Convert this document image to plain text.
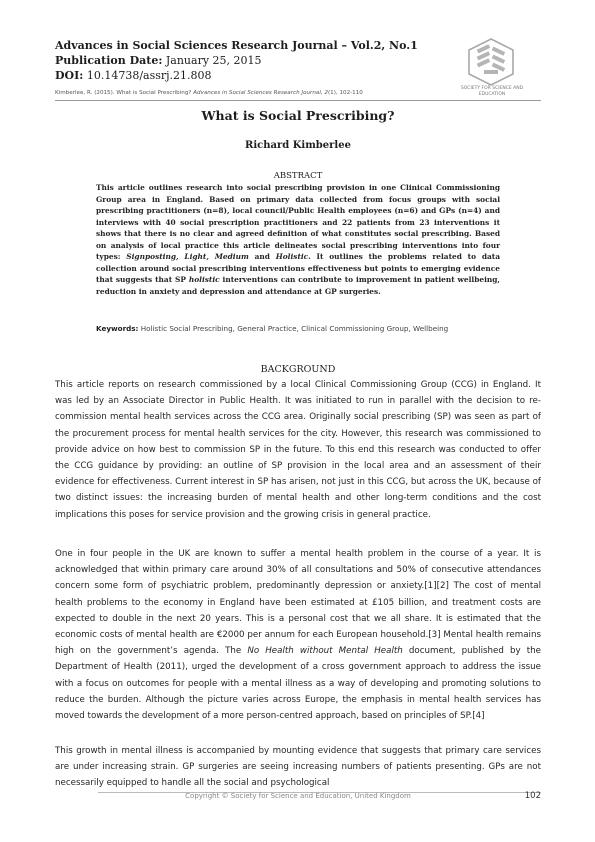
Advances in Social Sciences Research Journal – Vol.2, No.1
Publication Date: January 25, 2015
DOI: 10.14738/assrj.21.808
SOCIETY FOR SCIENCE AND EDUCATION
Kimberlee, R. (2015). What is Social Prescribing? Advances in Social Sciences Research Journal, 2(1), 102-110
What is Social Prescribing?
Richard Kimberlee
ABSTRACT
This article outlines research into social prescribing provision in one Clinical Commissioning Group area in England. Based on primary data collected from focus groups with social prescribing practitioners (n=8), local council/Public Health employees (n=6) and GPs (n=4) and interviews with 40 social prescription practitioners and 22 patients from 23 interventions it shows that there is no clear and agreed definition of what constitutes social prescribing. Based on analysis of local practice this article delineates social prescribing interventions into four types: Signposting, Light, Medium and Holistic. It outlines the problems related to data collection around social prescribing interventions effectiveness but points to emerging evidence that suggests that SP holistic interventions can contribute to improvement in patient wellbeing, reduction in anxiety and depression and attendance at GP surgeries.
Keywords: Holistic Social Prescribing, General Practice, Clinical Commissioning Group, Wellbeing
BACKGROUND
This article reports on research commissioned by a local Clinical Commissioning Group (CCG) in England. It was led by an Associate Director in Public Health. It was initiated to run in parallel with the decision to re-commission mental health services across the CCG area. Originally social prescribing (SP) was seen as part of the procurement process for mental health services for the city. However, this research was commissioned to provide advice on how best to commission SP in the future. To this end this research was conducted to offer the CCG guidance by providing: an outline of SP provision in the local area and an assessment of their evidence for effectiveness. Current interest in SP has arisen, not just in this CCG, but across the UK, because of two distinct issues: the increasing burden of mental health and other long-term conditions and the cost implications this poses for service provision and the growing crisis in general practice.
One in four people in the UK are known to suffer a mental health problem in the course of a year. It is acknowledged that within primary care around 30% of all consultations and 50% of consecutive attendances concern some form of psychiatric problem, predominantly depression or anxiety.[1][2] The cost of mental health problems to the economy in England have been estimated at £105 billion, and treatment costs are expected to double in the next 20 years. This is a personal cost that we all share. It is estimated that the economic costs of mental health are €2000 per annum for each European household.[3] Mental health remains high on the government’s agenda. The No Health without Mental Health document, published by the Department of Health (2011), urged the development of a cross government approach to address the issue with a focus on outcomes for people with a mental illness as a way of developing and promoting solutions to reduce the burden. Although the picture varies across Europe, the emphasis in mental health services has moved towards the development of a more person-centred approach, based on principles of SP.[4]
This growth in mental illness is accompanied by mounting evidence that suggests that primary care services are under increasing strain. GP surgeries are seeing increasing numbers of patients presenting. GPs are not necessarily equipped to handle all the social and psychological
Copyright © Society for Science and Education, United Kingdom	102
